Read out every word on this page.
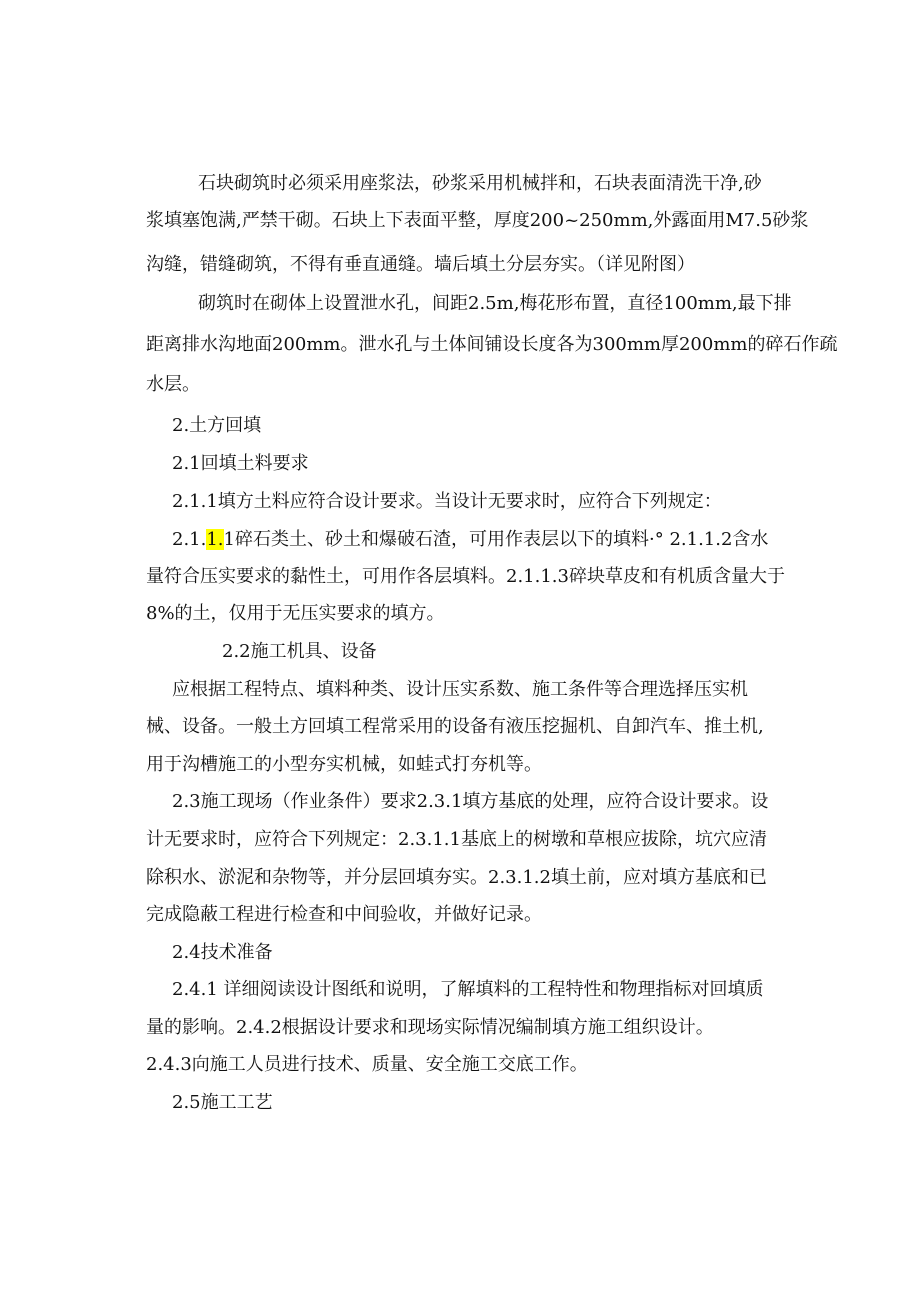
石块砌筑时必须采用座浆法，砂浆采用机械拌和，石块表面清洗干净,砂
浆填塞饱满,严禁干砌。石块上下表面平整，厚度200~250mm,外露面用M7.5砂浆
沟缝，错缝砌筑，不得有垂直通缝。墙后填土分层夯实。（详见附图）
砌筑时在砌体上设置泄水孔，间距2.5m,梅花形布置，直径100mm,最下排
距离排水沟地面200mm。泄水孔与土体间铺设长度各为300mm厚200mm的碎石作疏
水层。
2.土方回填
2.1回填土料要求
2.1.1填方土料应符合设计要求。当设计无要求时，应符合下列规定：
2.1.1.1碎石类土、砂土和爆破石渣，可用作表层以下的填料·° 2.1.1.2含水
量符合压实要求的黏性土，可用作各层填料。2.1.1.3碎块草皮和有机质含量大于
8%的土，仅用于无压实要求的填方。
2.2施工机具、设备
应根据工程特点、填料种类、设计压实系数、施工条件等合理选择压实机
械、设备。一般土方回填工程常采用的设备有液压挖掘机、自卸汽车、推土机,
用于沟槽施工的小型夯实机械，如蛙式打夯机等。
2.3施工现场（作业条件）要求2.3.1填方基底的处理，应符合设计要求。设
计无要求时，应符合下列规定：2.3.1.1基底上的树墩和草根应拔除，坑穴应清
除积水、淤泥和杂物等，并分层回填夯实。2.3.1.2填土前，应对填方基底和已
完成隐蔽工程进行检查和中间验收，并做好记录。
2.4技术准备
2.4.1 详细阅读设计图纸和说明，了解填料的工程特性和物理指标对回填质
量的影响。2.4.2根据设计要求和现场实际情况编制填方施工组织设计。
2.4.3向施工人员进行技术、质量、安全施工交底工作。
2.5施工工艺
